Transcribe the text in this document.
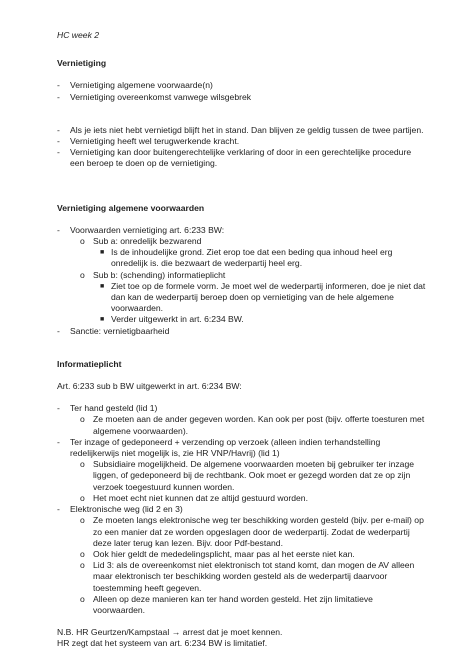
HC week 2
Vernietiging
- Vernietiging algemene voorwaarde(n)
- Vernietiging overeenkomst vanwege wilsgebrek
- Als je iets niet hebt vernietigd blijft het in stand. Dan blijven ze geldig tussen de twee partijen.
- Vernietiging heeft wel terugwerkende kracht.
- Vernietiging kan door buitengerechtelijke verklaring of door in een gerechtelijke procedure een beroep te doen op de vernietiging.
Vernietiging algemene voorwaarden
- Voorwaarden vernietiging art. 6:233 BW:
o Sub a: onredelijk bezwarend
■ Is de inhoudelijke grond. Ziet erop toe dat een beding qua inhoud heel erg onredelijk is. die bezwaart de wederpartij heel erg.
o Sub b: (schending) informatieplicht
■ Ziet toe op de formele vorm. Je moet wel de wederpartij informeren, doe je niet dat dan kan de wederpartij beroep doen op vernietiging van de hele algemene voorwaarden.
■ Verder uitgewerkt in art. 6:234 BW.
- Sanctie: vernietigbaarheid
Informatieplicht
Art. 6:233 sub b BW uitgewerkt in art. 6:234 BW:
- Ter hand gesteld (lid 1)
o Ze moeten aan de ander gegeven worden. Kan ook per post (bijv. offerte toesturen met algemene voorwaarden).
- Ter inzage of gedeponeerd + verzending op verzoek (alleen indien terhandstelling redelijkerwijs niet mogelijk is, zie HR VNP/Havrij) (lid 1)
o Subsidiaire mogelijkheid. De algemene voorwaarden moeten bij gebruiker ter inzage liggen, of gedeponeerd bij de rechtbank. Ook moet er gezegd worden dat ze op zijn verzoek toegestuurd kunnen worden.
o Het moet echt niet kunnen dat ze altijd gestuurd worden.
- Elektronische weg (lid 2 en 3)
o Ze moeten langs elektronische weg ter beschikking worden gesteld (bijv. per e-mail) op zo een manier dat ze worden opgeslagen door de wederpartij. Zodat de wederpartij deze later terug kan lezen. Bijv. door Pdf-bestand.
o Ook hier geldt de mededelingsplicht, maar pas al het eerste niet kan.
o Lid 3: als de overeenkomst niet elektronisch tot stand komt, dan mogen de AV alleen maar elektronisch ter beschikking worden gesteld als de wederpartij daarvoor toestemming heeft gegeven.
o Alleen op deze manieren kan ter hand worden gesteld. Het zijn limitatieve voorwaarden.
N.B. HR Geurtzen/Kampstaal → arrest dat je moet kennen.
HR zegt dat het systeem van art. 6:234 BW is limitatief.
